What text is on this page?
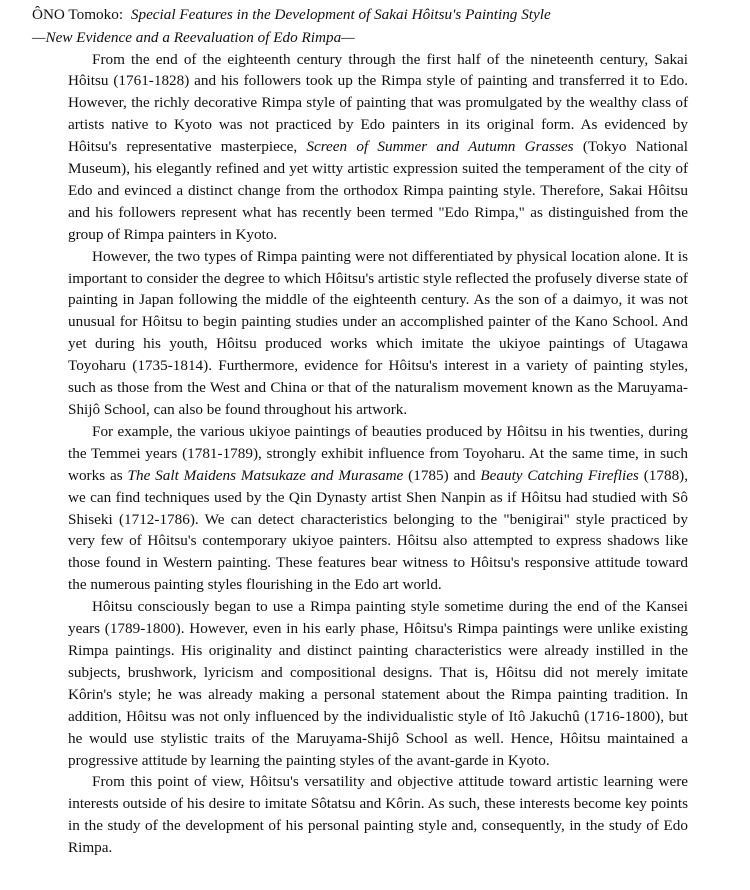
ÔNO Tomoko: Special Features in the Development of Sakai Hôitsu's Painting Style
—New Evidence and a Reevaluation of Edo Rimpa—

From the end of the eighteenth century through the first half of the nineteenth century, Sakai Hôitsu (1761-1828) and his followers took up the Rimpa style of painting and transferred it to Edo. However, the richly decorative Rimpa style of painting that was promulgated by the wealthy class of artists native to Kyoto was not practiced by Edo painters in its original form. As evidenced by Hôitsu's representative masterpiece, Screen of Summer and Autumn Grasses (Tokyo National Museum), his elegantly refined and yet witty artistic expression suited the temperament of the city of Edo and evinced a distinct change from the orthodox Rimpa painting style. Therefore, Sakai Hôitsu and his followers represent what has recently been termed "Edo Rimpa," as distinguished from the group of Rimpa painters in Kyoto.

However, the two types of Rimpa painting were not differentiated by physical location alone. It is important to consider the degree to which Hôitsu's artistic style reflected the profusely diverse state of painting in Japan following the middle of the eighteenth century. As the son of a daimyo, it was not unusual for Hôitsu to begin painting studies under an accomplished painter of the Kano School. And yet during his youth, Hôitsu produced works which imitate the ukiyoe paintings of Utagawa Toyoharu (1735-1814). Furthermore, evidence for Hôitsu's interest in a variety of painting styles, such as those from the West and China or that of the naturalism movement known as the Maruyama-Shijô School, can also be found throughout his artwork.

For example, the various ukiyoe paintings of beauties produced by Hôitsu in his twenties, during the Temmei years (1781-1789), strongly exhibit influence from Toyoharu. At the same time, in such works as The Salt Maidens Matsukaze and Murasame (1785) and Beauty Catching Fireflies (1788), we can find techniques used by the Qin Dynasty artist Shen Nanpin as if Hôitsu had studied with Sô Shiseki (1712-1786). We can detect characteristics belonging to the "benigirai" style practiced by very few of Hôitsu's contemporary ukiyoe painters. Hôitsu also attempted to express shadows like those found in Western painting. These features bear witness to Hôitsu's responsive attitude toward the numerous painting styles flourishing in the Edo art world.

Hôitsu consciously began to use a Rimpa painting style sometime during the end of the Kansei years (1789-1800). However, even in his early phase, Hôitsu's Rimpa paintings were unlike existing Rimpa paintings. His originality and distinct painting characteristics were already instilled in the subjects, brushwork, lyricism and compositional designs. That is, Hôitsu did not merely imitate Kôrin's style; he was already making a personal statement about the Rimpa painting tradition. In addition, Hôitsu was not only influenced by the individualistic style of Itô Jakuchû (1716-1800), but he would use stylistic traits of the Maruyama-Shijô School as well. Hence, Hôitsu maintained a progressive attitude by learning the painting styles of the avant-garde in Kyoto.

From this point of view, Hôitsu's versatility and objective attitude toward artistic learning were interests outside of his desire to imitate Sôtatsu and Kôrin. As such, these interests become key points in the study of the development of his personal painting style and, consequently, in the study of Edo Rimpa.
